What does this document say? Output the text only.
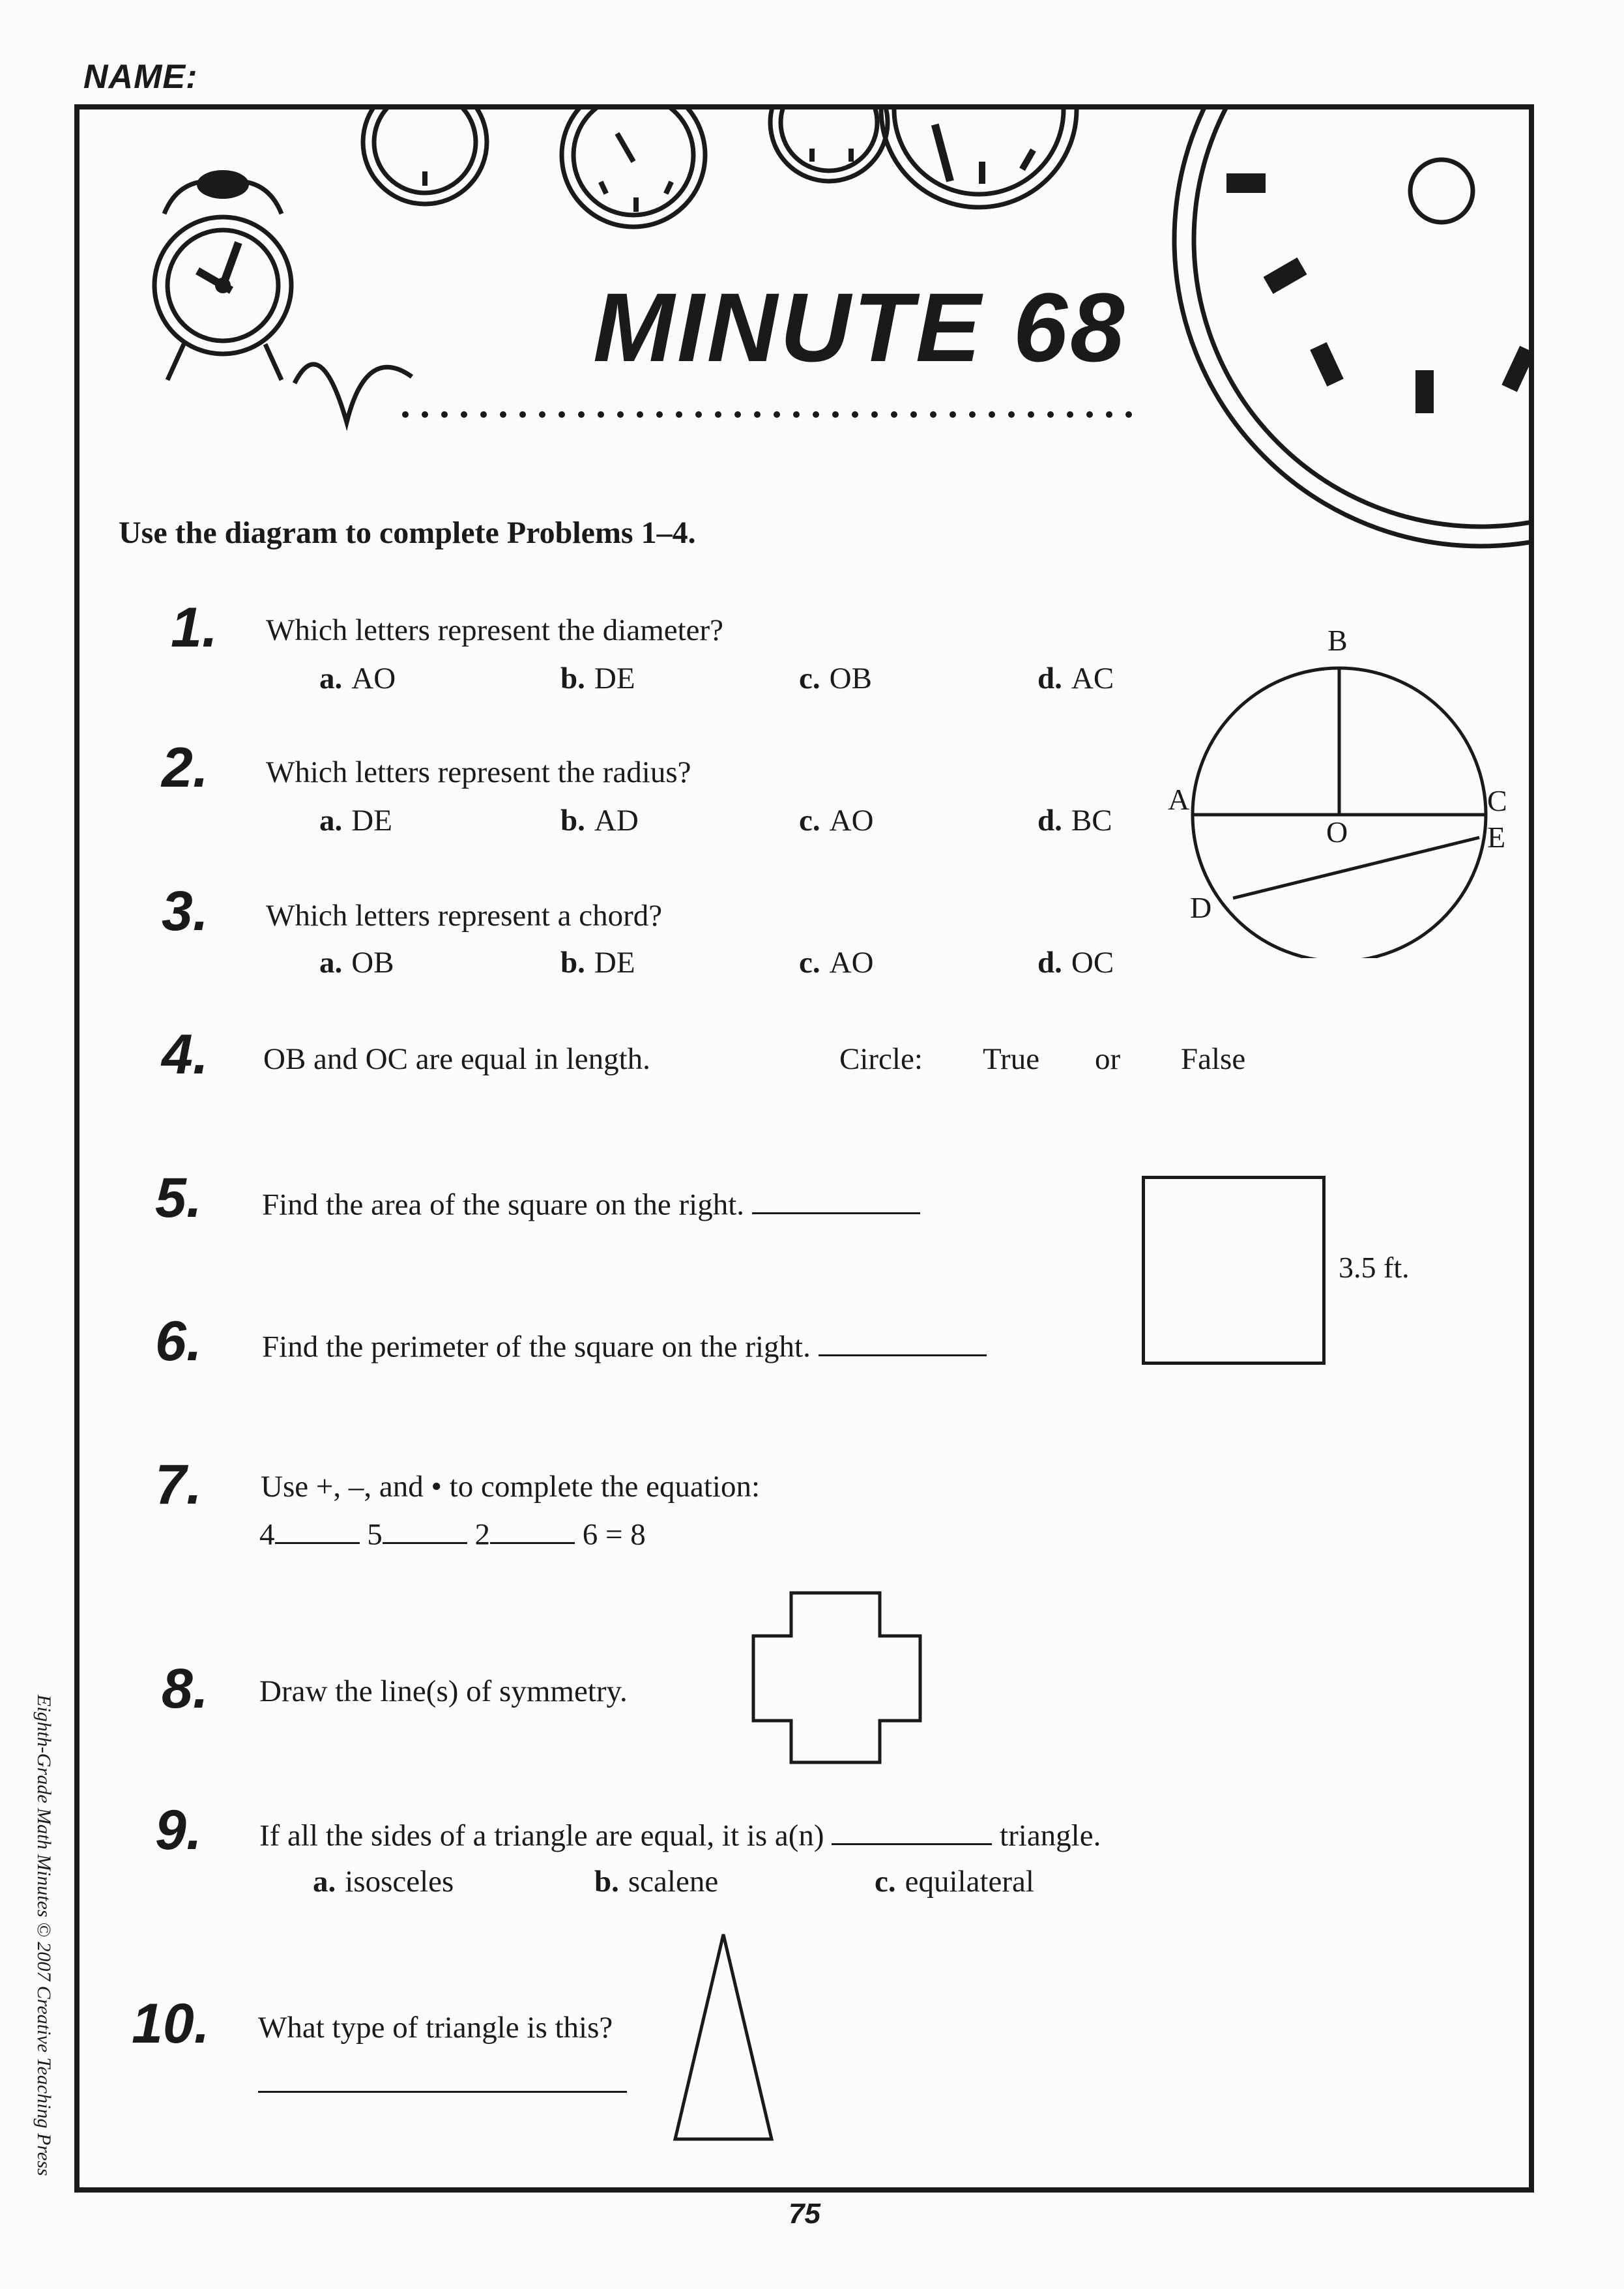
NAME:
MINUTE 68
Use the diagram to complete Problems 1–4.
1. Which letters represent the diameter?
a. AO	b. DE	c. OB	d. AC
2. Which letters represent the radius?
a. DE	b. AD	c. AO	d. BC
3. Which letters represent a chord?
a. OB	b. DE	c. AO	d. OC
B
A
O
C
E
D
4. OB and OC are equal in length.	Circle: True or False
5. Find the area of the square on the right.
3.5 ft.
6. Find the perimeter of the square on the right.
7. Use +, –, and • to complete the equation:
4	5	2	6 = 8
8. Draw the line(s) of symmetry.
9. If all the sides of a triangle are equal, it is a(n)	triangle.
a. isosceles	b. scalene	c. equilateral
10. What type of triangle is this?
Eighth-Grade Math Minutes © 2007 Creative Teaching Press
75
